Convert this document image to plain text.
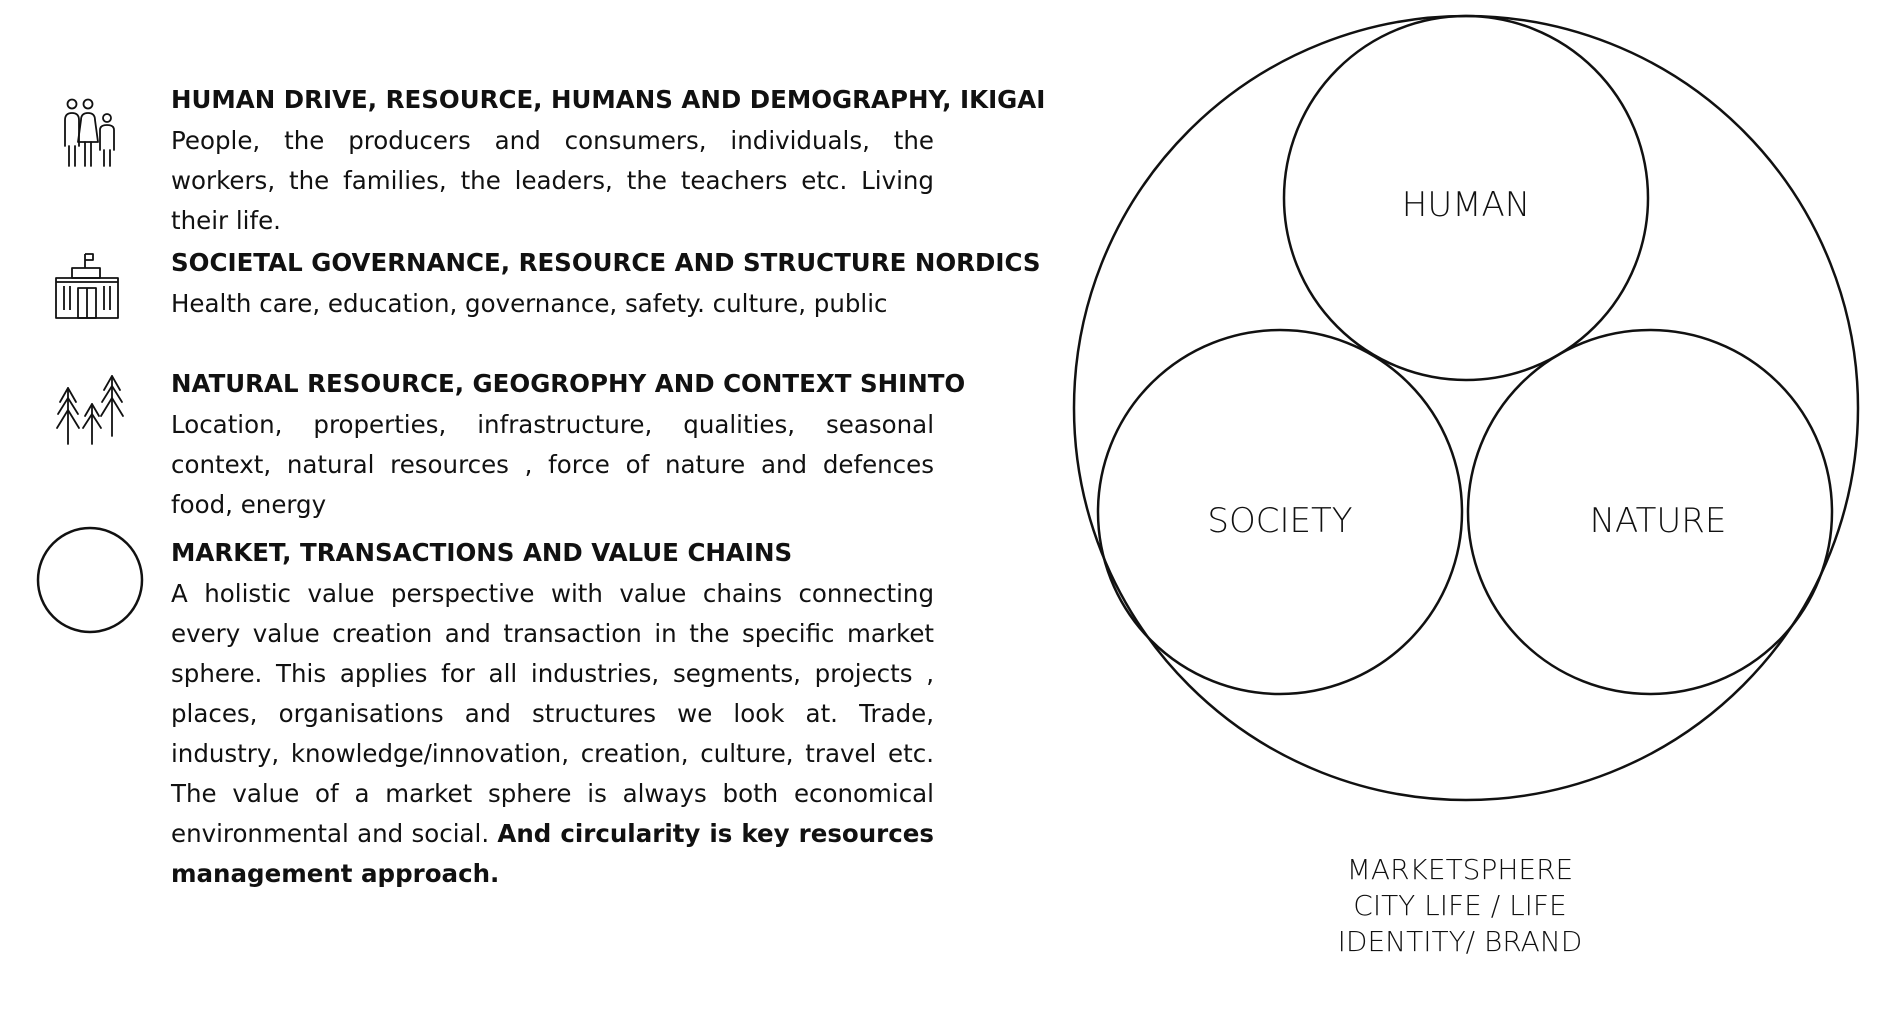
HUMAN DRIVE, RESOURCE, HUMANS AND DEMOGRAPHY, IKIGAI

People, the producers and consumers, individuals, the workers, the families, the leaders, the teachers etc. Living their life.

SOCIETAL GOVERNANCE, RESOURCE AND STRUCTURE NORDICS

Health care, education, governance, safety. culture, public

NATURAL RESOURCE, GEOGROPHY AND CONTEXT SHINTO

Location, properties, infrastructure, qualities, seasonal context, natural resources , force of nature and defences food, energy

MARKET, TRANSACTIONS AND VALUE CHAINS

A holistic value perspective with value chains connecting every value creation and transaction in the specific market sphere. This applies for all industries, segments, projects , places, organisations and structures we look at. Trade, industry, knowledge/innovation, creation, culture, travel etc. The value of a market sphere is always both economical environmental and social. And circularity is key resources management approach.

HUMAN
SOCIETY	NATURE
MARKETSPHERE
CITY LIFE / LIFE
IDENTITY/ BRAND
